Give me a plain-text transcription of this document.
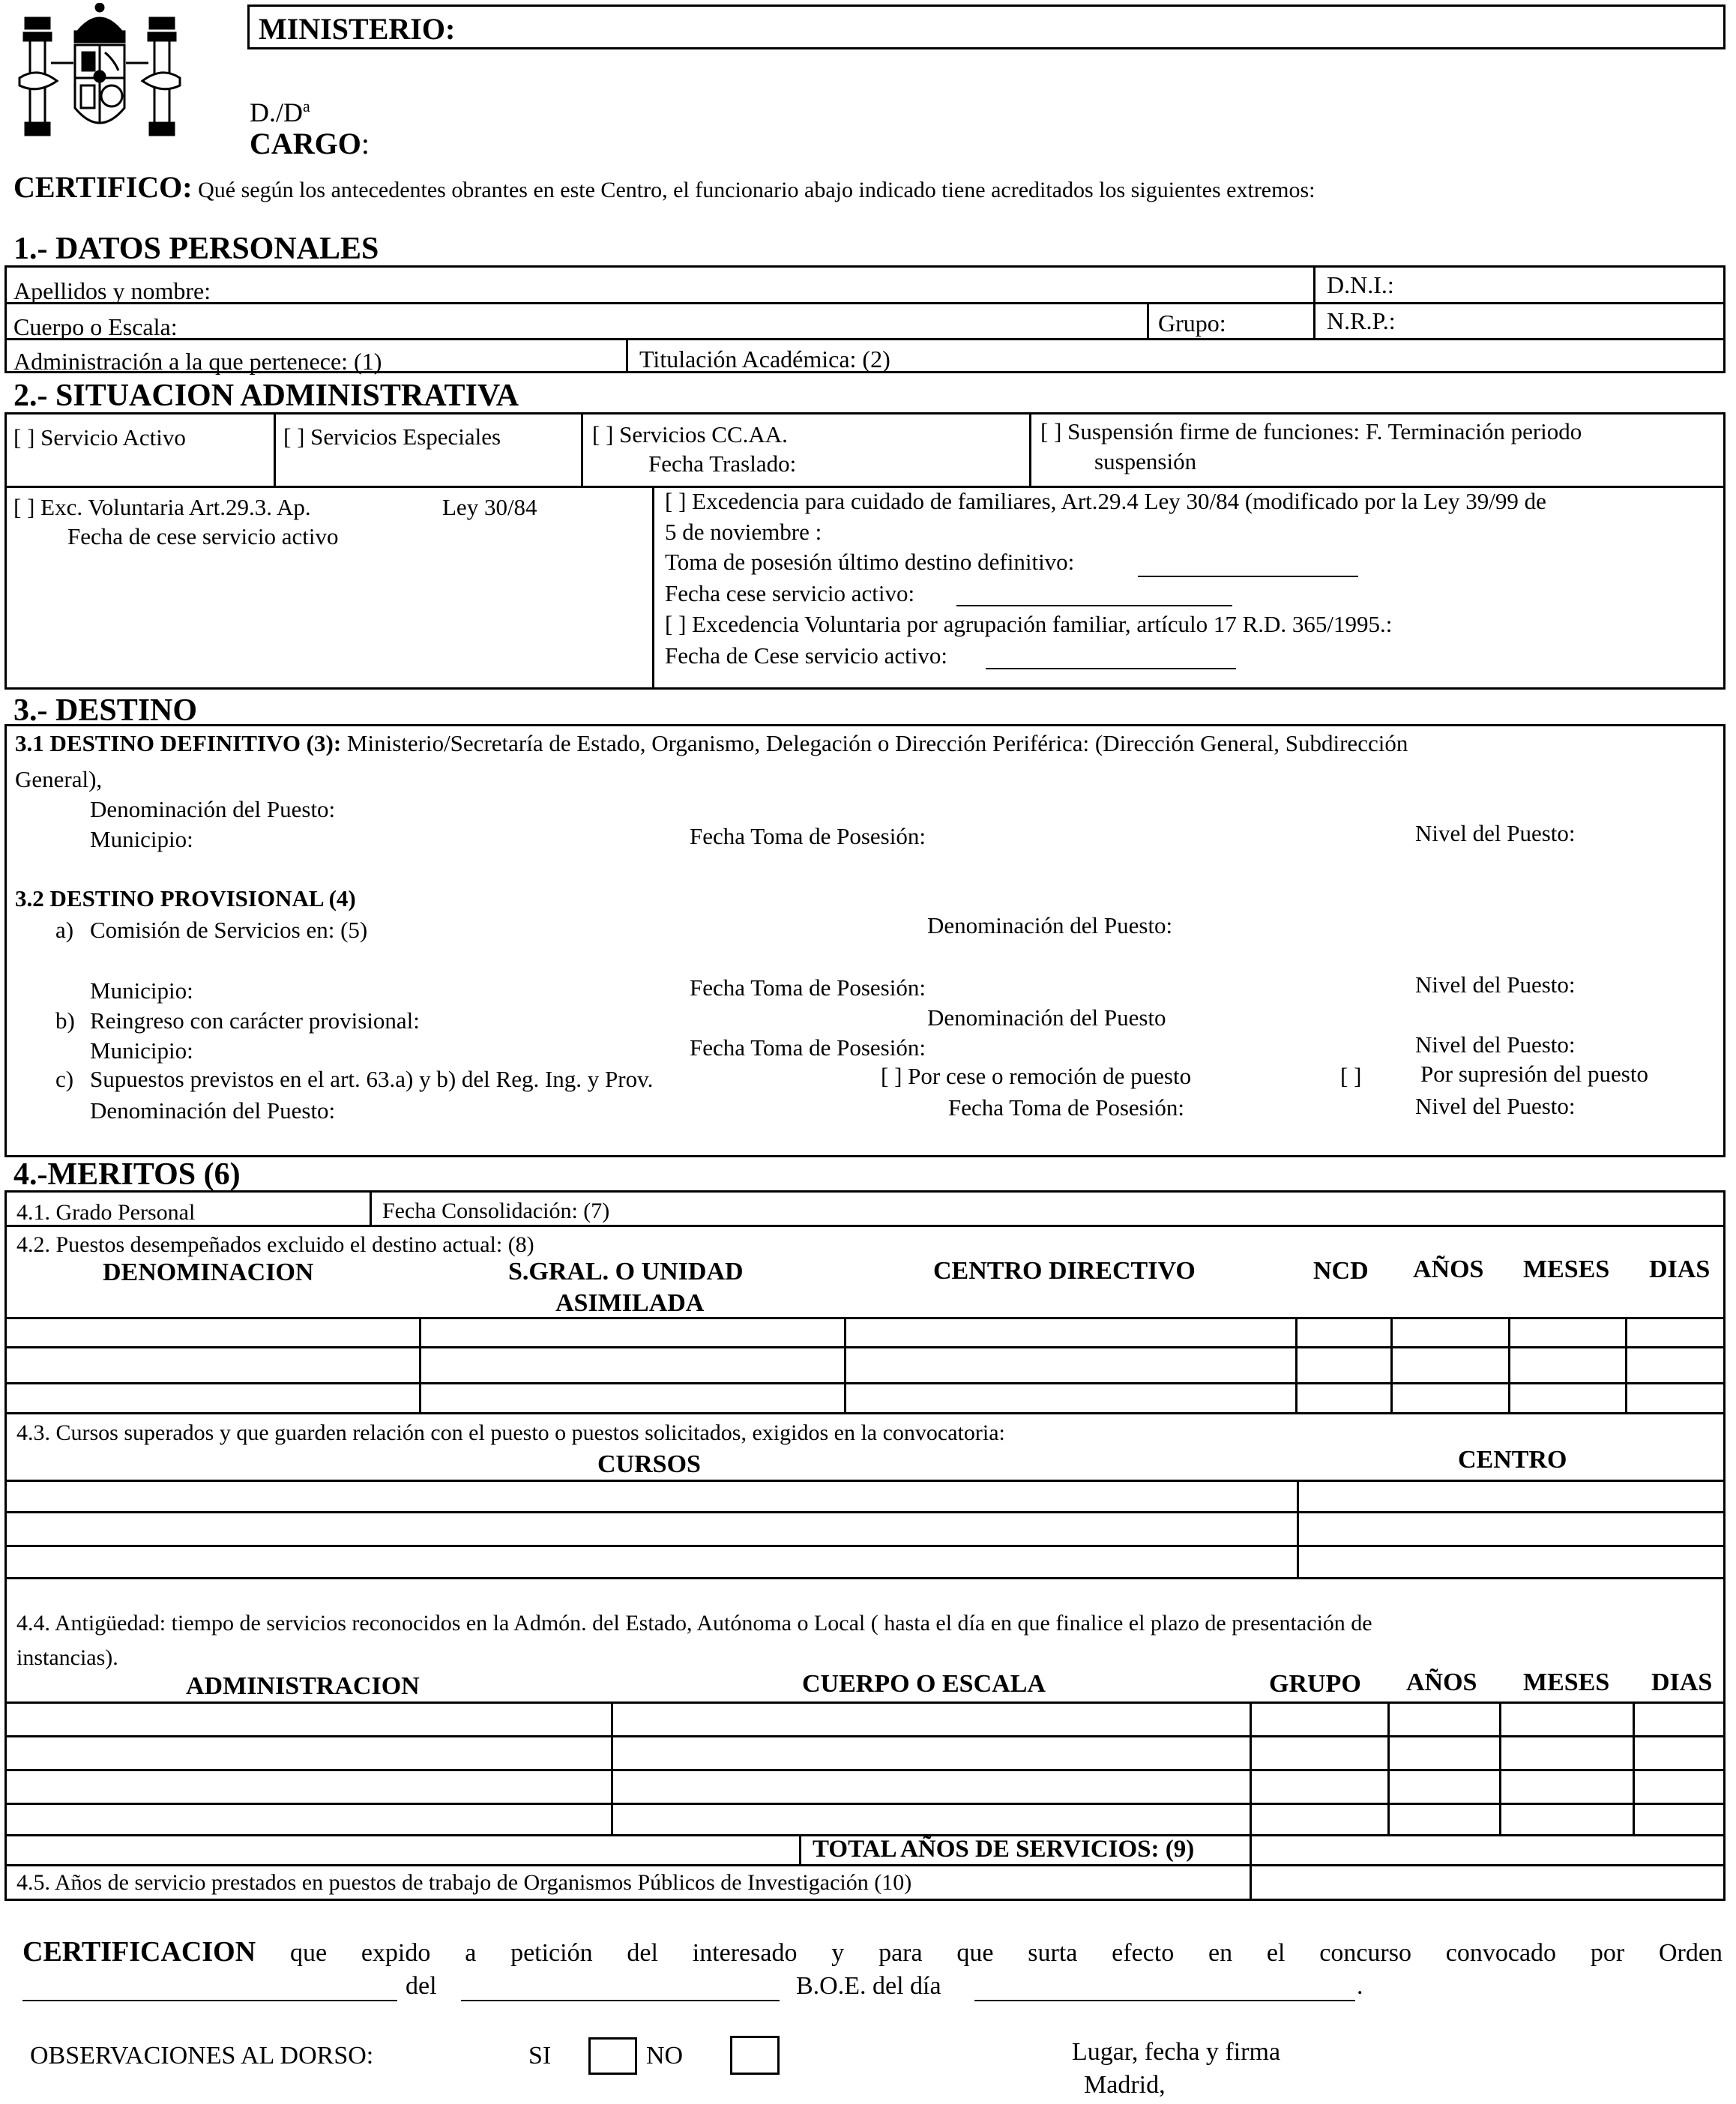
MINISTERIO:
$D./D^a$
CARGO:
CERTIFICO: Qué según los antecedentes obrantes en este Centro, el funcionario abajo indicado tiene acreditados los siguientes extremos:
1.- DATOS PERSONALES
Apellidos y nombre:	D.N.I.:
Cuerpo o Escala:	Grupo:	N.R.P.:
Administración a la que pertenece: (1)	Titulación Académica: (2)
2.- SITUACION ADMINISTRATIVA
[ ] Servicio Activo	[ ] Servicios Especiales	[ ] Servicios CC.AA.
Fecha Traslado:
[ ] Suspensión firme de funciones: F. Terminación periodo
suspensión
[ ] Exc. Voluntaria Art.29.3. Ap.	Ley 30/84
Fecha de cese servicio activo
[ ] Excedencia para cuidado de familiares, Art.29.4 Ley 30/84 (modificado por la Ley 39/99 de
5 de noviembre :
Toma de posesión último destino definitivo:
Fecha cese servicio activo:
[ ] Excedencia Voluntaria por agrupación familiar, artículo 17 R.D. 365/1995.:
Fecha de Cese servicio activo:
3.- DESTINO
3.1 DESTINO DEFINITIVO (3): Ministerio/Secretaría de Estado, Organismo, Delegación o Dirección Periférica: (Dirección General, Subdirección
General),
Denominación del Puesto:
Municipio:	Fecha Toma de Posesión:	Nivel del Puesto:
3.2 DESTINO PROVISIONAL (4)
a) Comisión de Servicios en: (5)	Denominación del Puesto:
Municipio:	Fecha Toma de Posesión:	Nivel del Puesto:
b) Reingreso con carácter provisional:	Denominación del Puesto
Municipio:	Fecha Toma de Posesión:	Nivel del Puesto:
c) Supuestos previstos en el art. 63.a) y b) del Reg. Ing. y Prov.	[ ] Por cese o remoción de puesto	[ ]	Por supresión del puesto
Denominación del Puesto:	Fecha Toma de Posesión:	Nivel del Puesto:
4.-MERITOS (6)
4.1. Grado Personal	Fecha Consolidación: (7)
4.2. Puestos desempeñados excluido el destino actual: (8)
DENOMINACION	S.GRAL. O UNIDAD
ASIMILADA
CENTRO DIRECTIVO	NCD AÑOS MESES DIAS
4.3. Cursos superados y que guarden relación con el puesto o puestos solicitados, exigidos en la convocatoria:
CURSOS	CENTRO
4.4. Antigüedad: tiempo de servicios reconocidos en la Admón. del Estado, Autónoma o Local ( hasta el día en que finalice el plazo de presentación de
instancias).
ADMINISTRACION	CUERPO O ESCALA	GRUPO AÑOS MESES DIAS
TOTAL AÑOS DE SERVICIOS: (9)
4.5. Años de servicio prestados en puestos de trabajo de Organismos Públicos de Investigación (10)
CERTIFICACION que expido a petición del interesado y para que surta efecto en el concurso convocado por Orden
del	B.O.E. del día	.
OBSERVACIONES AL DORSO:	SI	NO	Lugar, fecha y firma
Madrid,
